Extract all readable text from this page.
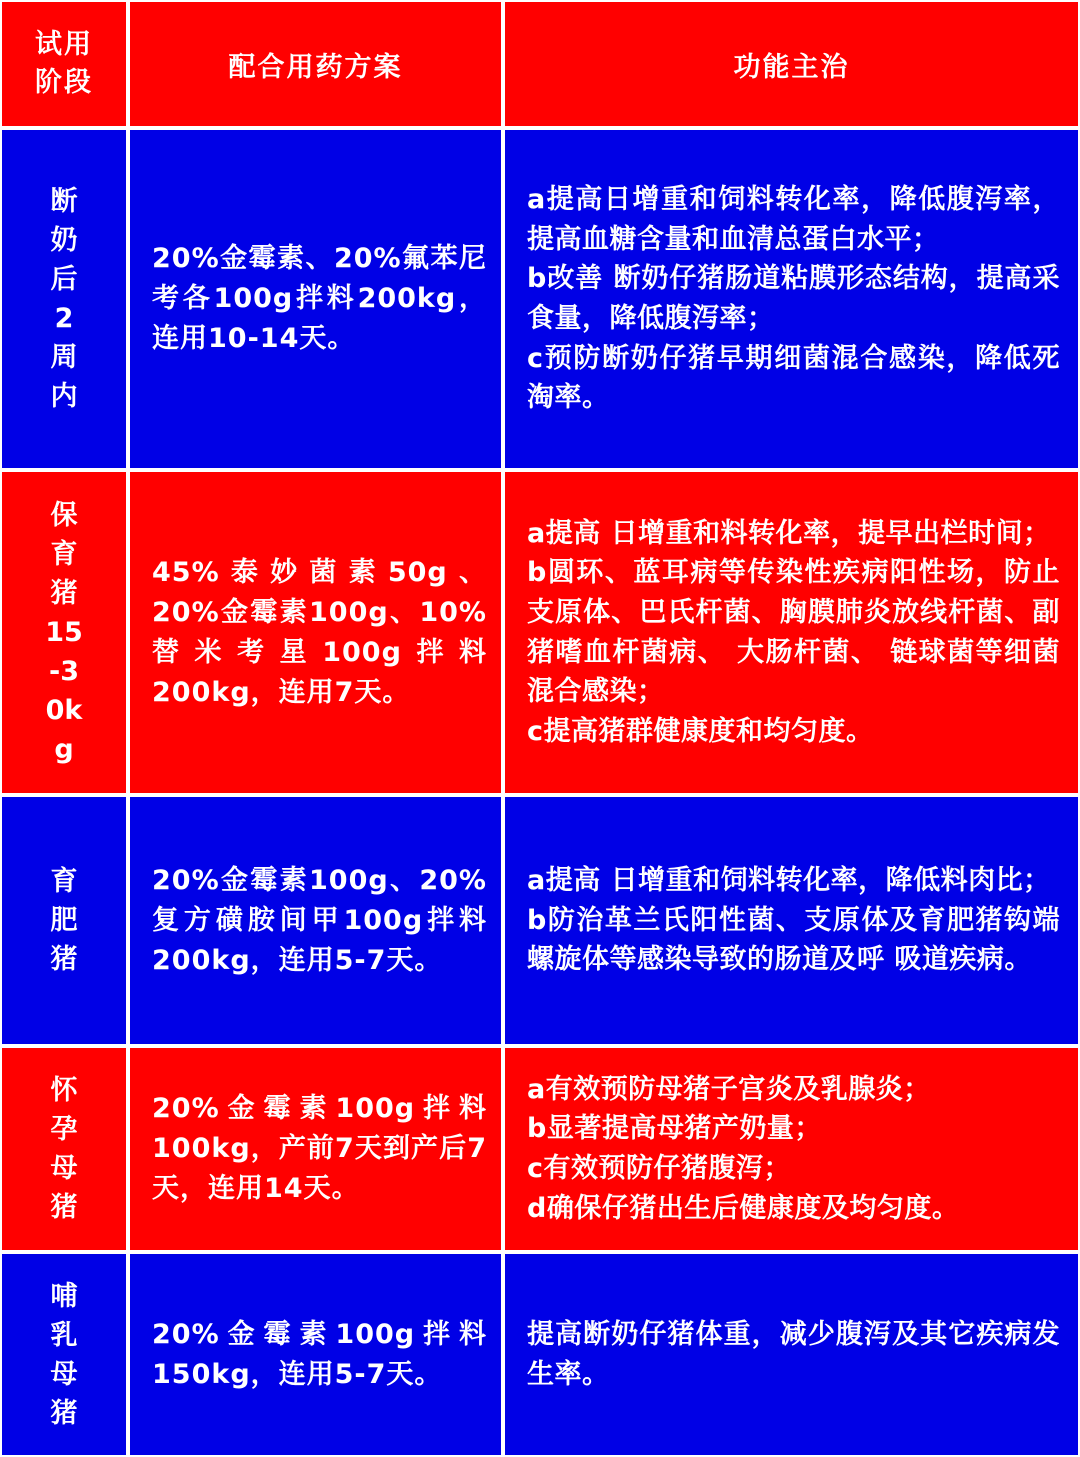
试用阶段	配合用药方案	功能主治
断奶后2周内
20%金霉素、20%氟苯尼考各100g拌料200kg，连用10-14天。
a提高日增重和饲料转化率，降低腹泻率，提高血糖含量和血清总蛋白水平；
b改善 断奶仔猪肠道粘膜形态结构，提高采食量，降低腹泻率；
c预防断奶仔猪早期细菌混合感染，降低死淘率。
保育猪15-30kg
45%泰妙菌素50g、20%金霉素100g、10%替米考星100g拌料200kg，连用7天。
a提高 日增重和料转化率，提早出栏时间；
b圆环、蓝耳病等传染性疾病阳性场，防止支原体、巴氏杆菌、胸膜肺炎放线杆菌、副猪嗜血杆菌病、 大肠杆菌、 链球菌等细菌混合感染；
c提高猪群健康度和均匀度。
育肥猪
20%金霉素100g、20%复方磺胺间甲100g拌料200kg，连用5-7天。
a提高 日增重和饲料转化率，降低料肉比；
b防治革兰氏阳性菌、支原体及育肥猪钩端螺旋体等感染导致的肠道及呼 吸道疾病。
怀孕母猪
20%金霉素100g拌料100kg，产前7天到产后7天，连用14天。
a有效预防母猪子宫炎及乳腺炎；
b显著提高母猪产奶量；
c有效预防仔猪腹泻；
d确保仔猪出生后健康度及均匀度。
哺乳母猪
20%金霉素100g拌料150kg，连用5-7天。
提高断奶仔猪体重，减少腹泻及其它疾病发生率。
